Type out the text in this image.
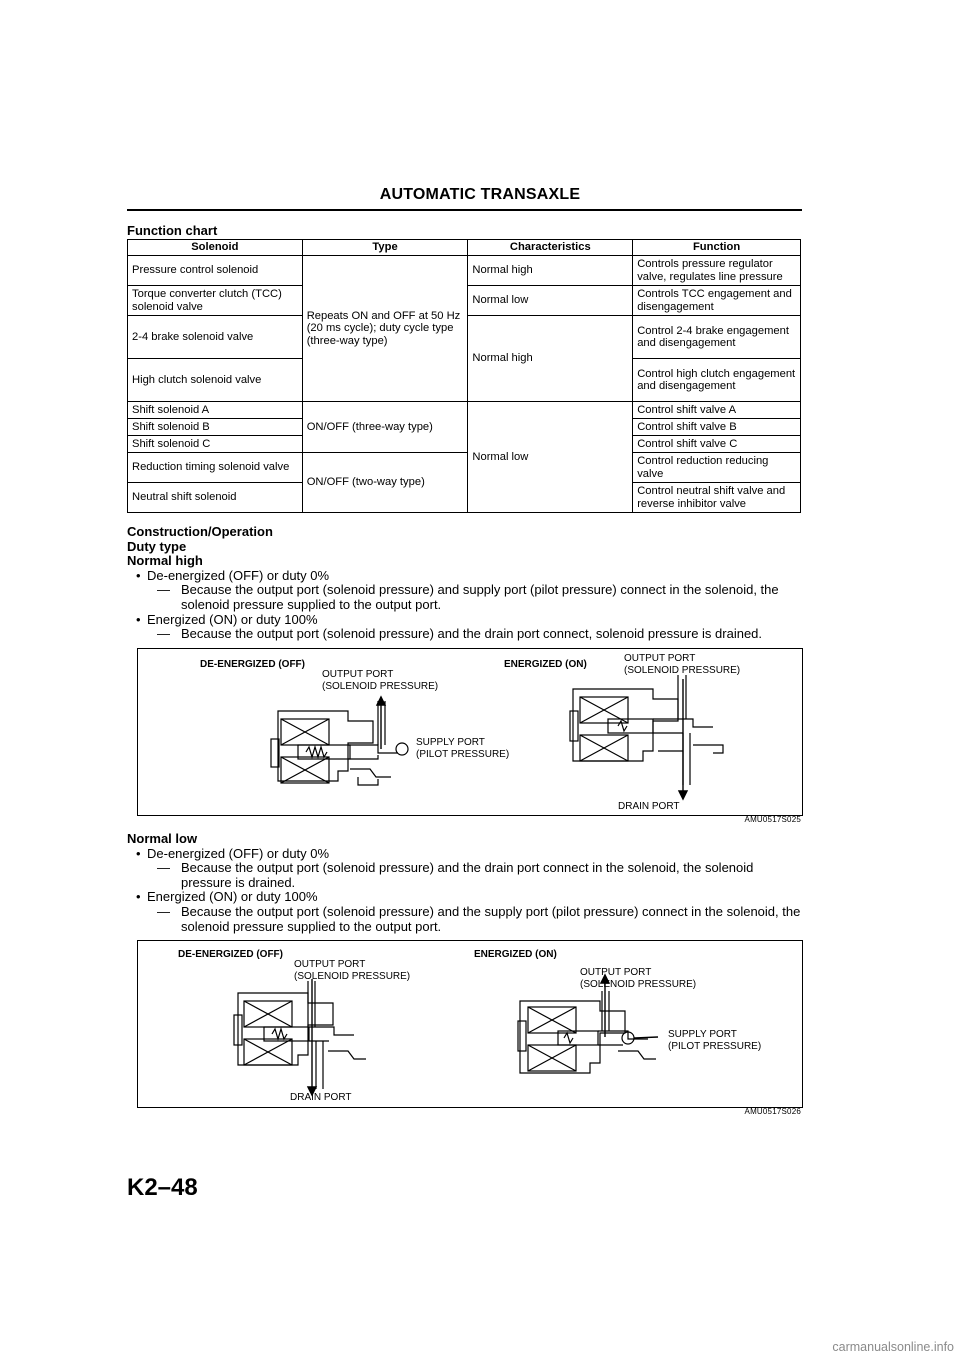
AUTOMATIC TRANSAXLE
Function chart
Solenoid	Type	Characteristics	Function
Pressure control solenoid	Repeats ON and OFF at 50 Hz (20 ms cycle); duty cycle type (three-way type)	Normal high	Controls pressure regulator valve, regulates line pressure
Torque converter clutch (TCC) solenoid valve		Normal low	Controls TCC engagement and disengagement
2-4 brake solenoid valve		Normal high	Control 2-4 brake engagement and disengagement
High clutch solenoid valve			Control high clutch engagement and disengagement
Shift solenoid A	ON/OFF (three-way type)	Normal low	Control shift valve A
Shift solenoid B			Control shift valve B
Shift solenoid C			Control shift valve C
Reduction timing solenoid valve	ON/OFF (two-way type)		Control reduction reducing valve
Neutral shift solenoid			Control neutral shift valve and reverse inhibitor valve
Construction/Operation
Duty type
Normal high
• De-energized (OFF) or duty 0%
— Because the output port (solenoid pressure) and supply port (pilot pressure) connect in the solenoid, the solenoid pressure supplied to the output port.
• Energized (ON) or duty 100%
— Because the output port (solenoid pressure) and the drain port connect, solenoid pressure is drained.
DE-ENERGIZED (OFF)
OUTPUT PORT
(SOLENOID PRESSURE)
SUPPLY PORT
(PILOT PRESSURE)
ENERGIZED (ON)
OUTPUT PORT
(SOLENOID PRESSURE)
DRAIN PORT
AMU0517S025
Normal low
• De-energized (OFF) or duty 0%
— Because the output port (solenoid pressure) and the drain port connect in the solenoid, the solenoid pressure is drained.
• Energized (ON) or duty 100%
— Because the output port (solenoid pressure) and the supply port (pilot pressure) connect in the solenoid, the solenoid pressure supplied to the output port.
DE-ENERGIZED (OFF)
OUTPUT PORT
(SOLENOID PRESSURE)
DRAIN PORT
ENERGIZED (ON)
OUTPUT PORT
(SOLENOID PRESSURE)
SUPPLY PORT
(PILOT PRESSURE)
AMU0517S026
K2–48
carmanualsonline.info
